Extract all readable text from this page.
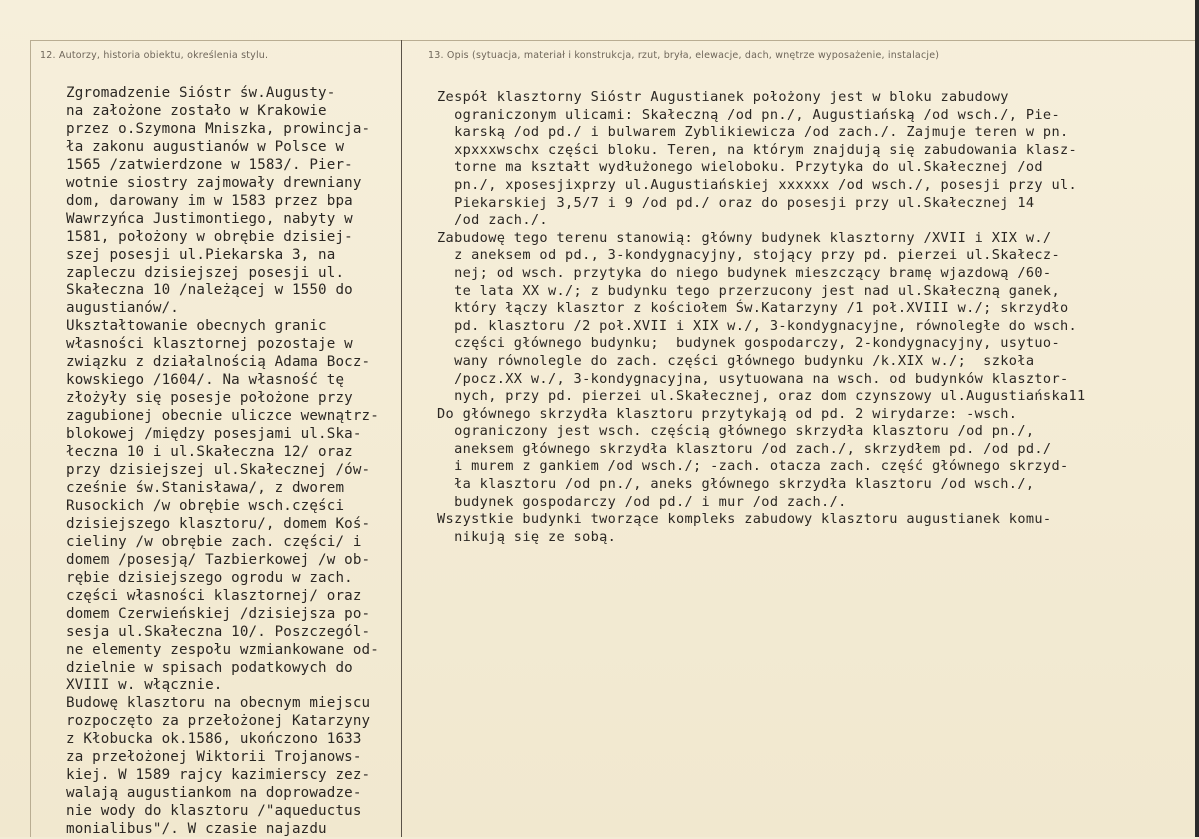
12. Autorzy, historia obiektu, określenia stylu.	13. Opis (sytuacja, materiał i konstrukcja, rzut, bryła, elewacje, dach, wnętrze wyposażenie, instalacje)
Zgromadzenie Sióstr św.Augusty-
na założone zostało w Krakowie
przez o.Szymona Mniszka, prowincja-
ła zakonu augustianów w Polsce w
1565 /zatwierdzone w 1583/. Pier-
wotnie siostry zajmowały drewniany
dom, darowany im w 1583 przez bpa
Wawrzyńca Justimontiego, nabyty w
1581, położony w obrębie dzisiej-
szej posesji ul.Piekarska 3, na
zapleczu dzisiejszej posesji ul.
Skałeczna 10 /należącej w 1550 do
augustianów/.
Ukształtowanie obecnych granic
własności klasztornej pozostaje w
związku z działalnością Adama Bocz-
kowskiego /1604/. Na własność tę
złożyły się posesje położone przy
zagubionej obecnie uliczce wewnątrz-
blokowej /między posesjami ul.Ska-
łeczna 10 i ul.Skałeczna 12/ oraz
przy dzisiejszej ul.Skałecznej /ów-
cześnie św.Stanisława/, z dworem
Rusockich /w obrębie wsch.części
dzisiejszego klasztoru/, domem Koś-
cieliny /w obrębie zach. części/ i
domem /posesją/ Tazbierkowej /w ob-
rębie dzisiejszego ogrodu w zach.
części własności klasztornej/ oraz
domem Czerwieńskiej /dzisiejsza po-
sesja ul.Skałeczna 10/. Poszczegól-
ne elementy zespołu wzmiankowane od-
dzielnie w spisach podatkowych do
XVIII w. włącznie.
Budowę klasztoru na obecnym miejscu
rozpoczęto za przełożonej Katarzyny
z Kłobucka ok.1586, ukończono 1633
za przełożonej Wiktorii Trojanows-
kiej. W 1589 rajcy kazimierscy zez-
walają augustiankom na doprowadze-
nie wody do klasztoru /"aqueductus
monialibus"/. W czasie najazdu
Zespół klasztorny Sióstr Augustianek położony jest w bloku zabudowy
ograniczonym ulicami: Skałeczną /od pn./, Augustiańską /od wsch./, Pie-
karską /od pd./ i bulwarem Zyblikiewicza /od zach./. Zajmuje teren w pn.
xpxxxwschx części bloku. Teren, na którym znajdują się zabudowania klasz-
torne ma kształt wydłużonego wieloboku. Przytyka do ul.Skałecznej /od
pn./, xposesjixprzy ul.Augustiańskiej xxxxxx /od wsch./, posesji przy ul.
Piekarskiej 3,5/7 i 9 /od pd./ oraz do posesji przy ul.Skałecznej 14
/od zach./.
Zabudowę tego terenu stanowią: główny budynek klasztorny /XVII i XIX w./
z aneksem od pd., 3-kondygnacyjny, stojący przy pd. pierzei ul.Skałecz-
nej; od wsch. przytyka do niego budynek mieszczący bramę wjazdową /60-
te lata XX w./; z budynku tego przerzucony jest nad ul.Skałeczną ganek,
który łączy klasztor z kościołem Św.Katarzyny /1 poł.XVIII w./; skrzydło
pd. klasztoru /2 poł.XVII i XIX w./, 3-kondygnacyjne, równoległe do wsch.
części głównego budynku;  budynek gospodarczy, 2-kondygnacyjny, usytuo-
wany równolegle do zach. części głównego budynku /k.XIX w./;  szkoła
/pocz.XX w./, 3-kondygnacyjna, usytuowana na wsch. od budynków klasztor-
nych, przy pd. pierzei ul.Skałecznej, oraz dom czynszowy ul.Augustiańska11
Do głównego skrzydła klasztoru przytykają od pd. 2 wirydarze: -wsch.
ograniczony jest wsch. częścią głównego skrzydła klasztoru /od pn./,
aneksem głównego skrzydła klasztoru /od zach./, skrzydłem pd. /od pd./
i murem z gankiem /od wsch./; -zach. otacza zach. część głównego skrzyd-
ła klasztoru /od pn./, aneks głównego skrzydła klasztoru /od wsch./,
budynek gospodarczy /od pd./ i mur /od zach./.
Wszystkie budynki tworzące kompleks zabudowy klasztoru augustianek komu-
nikują się ze sobą.
